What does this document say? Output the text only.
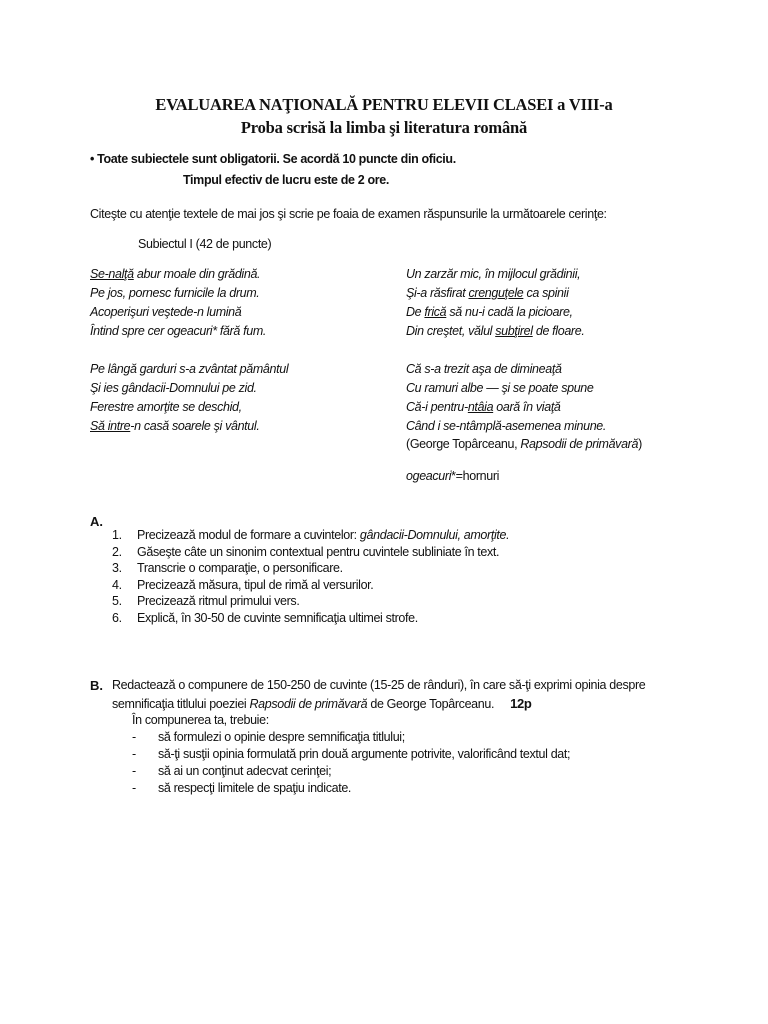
EVALUAREA NAŢIONALĂ PENTRU ELEVII CLASEI a VIII-a
Proba scrisă la limba şi literatura română
• Toate subiectele sunt obligatorii. Se acordă 10 puncte din oficiu.
Timpul efectiv de lucru este de 2 ore.
Citeşte cu atenţie textele de mai jos şi scrie pe foaia de examen răspunsurile la următoarele cerinţe:
Subiectul I (42 de puncte)
Se-nalţă abur moale din grădină.
Pe jos, pornesc furnicile la drum.
Acoperişuri veştede-n lumină
Întind spre cer ogeacuri* fără fum.
Pe lângă garduri s-a zvântat pământul
Şi ies gândacii-Domnului pe zid.
Ferestre amorţite se deschid,
Să intre-n casă soarele şi vântul.
Un zarzăr mic, în mijlocul grădinii,
Şi-a răsfirat crenguţele ca spinii
De frică să nu-i cadă la picioare,
Din creştet, vălul subţirel de floare.
Că s-a trezit aşa de dimineaţă
Cu ramuri albe — şi se poate spune
Că-i pentru-ntâia oară în viaţă
Când i se-ntâmplă-asemenea minune.
(George Topârceanu, Rapsodii de primăvară)
ogeacuri*=hornuri
A.
1. Precizează modul de formare a cuvintelor: gândacii-Domnului, amorţite.
2. Găseşte câte un sinonim contextual pentru cuvintele subliniate în text.
3. Transcrie o comparaţie, o personificare.
4. Precizează măsura, tipul de rimă al versurilor.
5. Precizează ritmul primului vers.
6. Explică, în 30-50 de cuvinte semnificaţia ultimei strofe.
B. Redactează o compunere de 150-250 de cuvinte (15-25 de rânduri), în care să-ţi exprimi opinia despre
semnificaţia titlului poeziei Rapsodii de primăvară de George Topârceanu. 12p
În compunerea ta, trebuie:
- să formulezi o opinie despre semnificaţia titlului;
- să-ţi susţii opinia formulată prin două argumente potrivite, valorificând textul dat;
- să ai un conţinut adecvat cerinţei;
- să respecţi limitele de spaţiu indicate.
